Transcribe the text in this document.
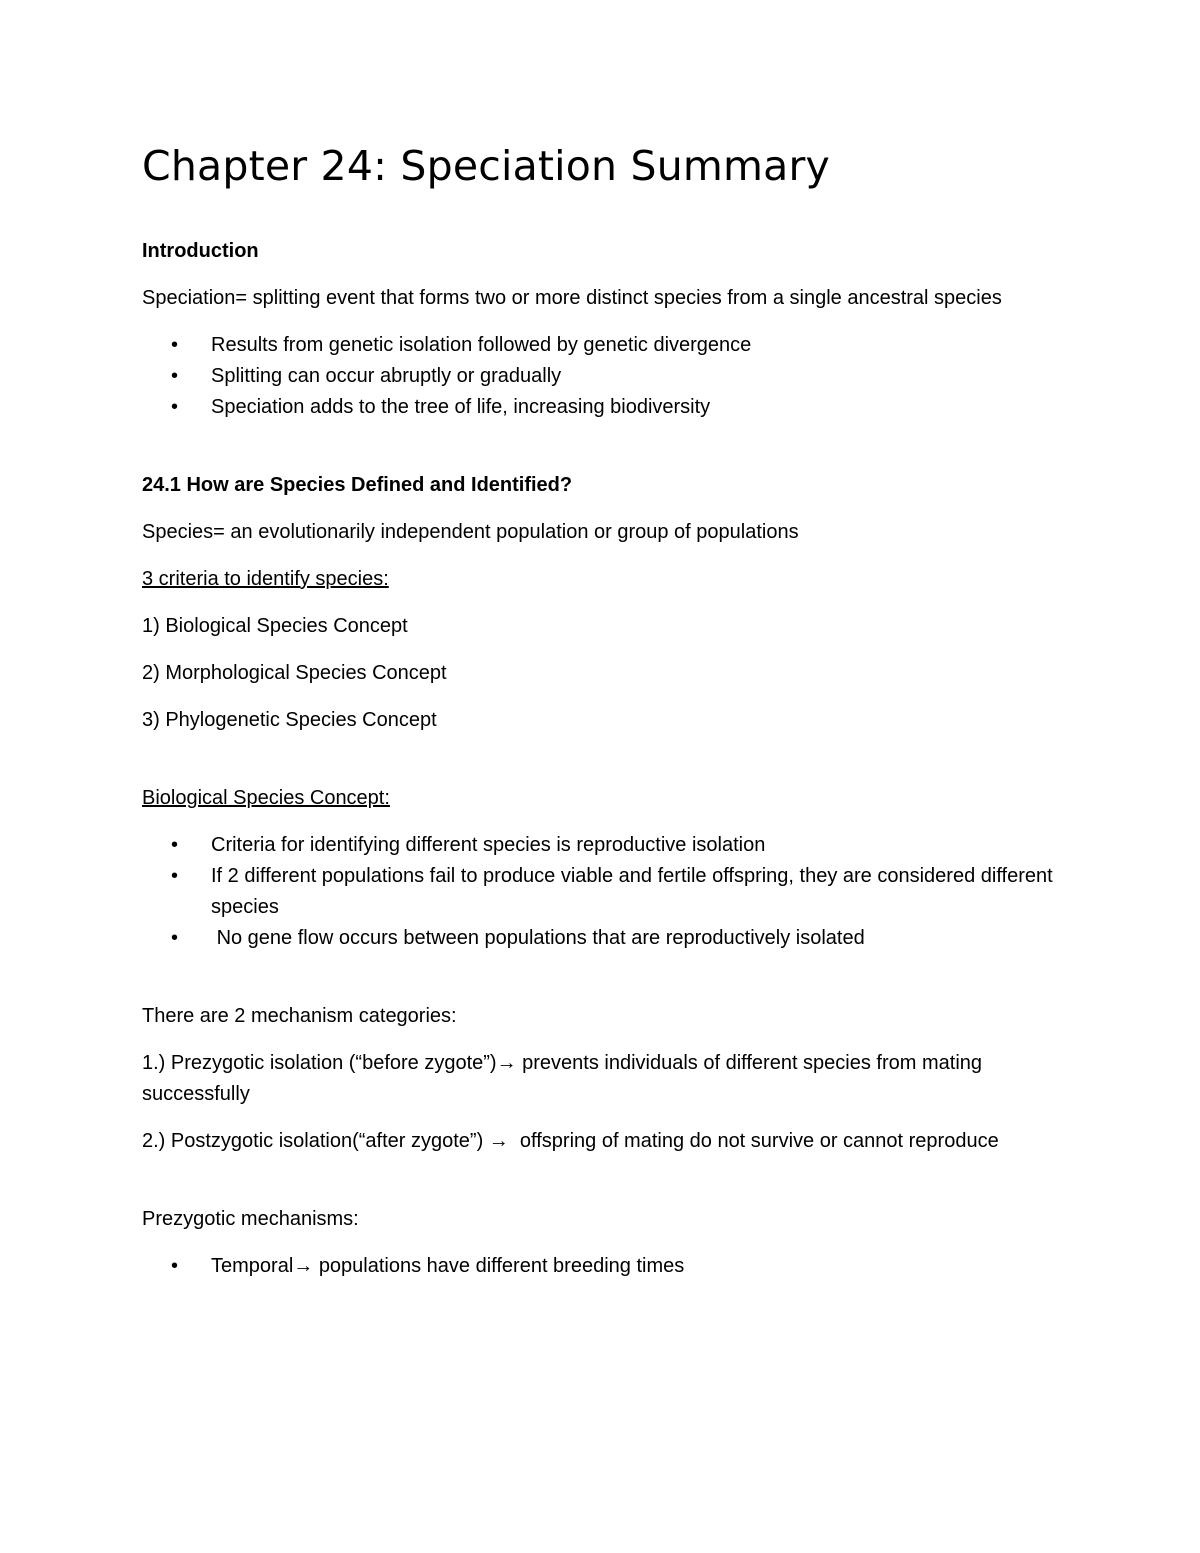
Chapter 24: Speciation Summary

Introduction

Speciation= splitting event that forms two or more distinct species from a single ancestral species

• Results from genetic isolation followed by genetic divergence
• Splitting can occur abruptly or gradually
• Speciation adds to the tree of life, increasing biodiversity

24.1 How are Species Defined and Identified?

Species= an evolutionarily independent population or group of populations

3 criteria to identify species:

1) Biological Species Concept

2) Morphological Species Concept

3) Phylogenetic Species Concept

Biological Species Concept:

• Criteria for identifying different species is reproductive isolation
• If 2 different populations fail to produce viable and fertile offspring, they are considered different species
• No gene flow occurs between populations that are reproductively isolated

There are 2 mechanism categories:

1.) Prezygotic isolation (“before zygote”)→ prevents individuals of different species from mating successfully

2.) Postzygotic isolation(“after zygote”) →  offspring of mating do not survive or cannot reproduce

Prezygotic mechanisms:

• Temporal→ populations have different breeding times
